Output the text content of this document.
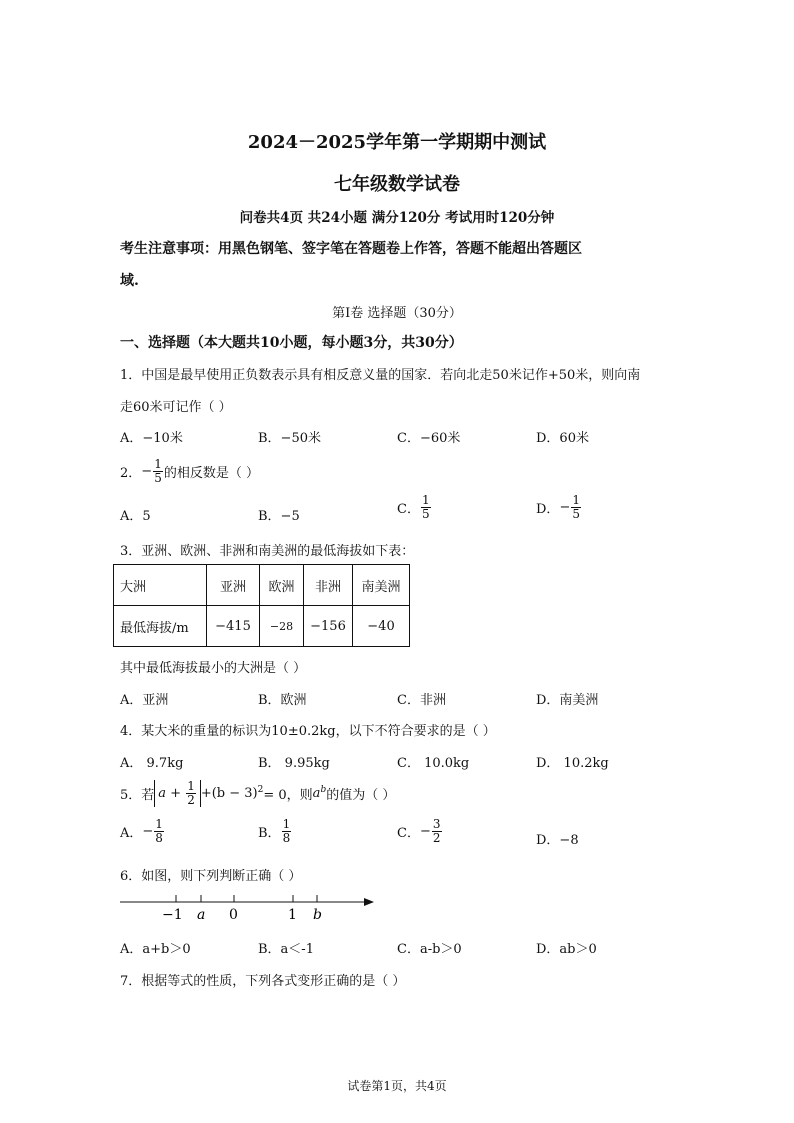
2024－2025学年第一学期期中测试
七年级数学试卷
问卷共4页 共24小题 满分120分 考试用时120分钟
考生注意事项：用黑色钢笔、签字笔在答题卷上作答，答题不能超出答题区
域.
第Ⅰ卷 选择题（30分）
一、选择题（本大题共10小题，每小题3分，共30分）
1．中国是最早使用正负数表示具有相反意义量的国家．若向北走50米记作+50米，则向南
走60米可记作（ ）
A．−10米	B．−50米	C．−60米	D．60米
2． − $\frac{1}{5}$ 的相反数是（ ）
A．5	B．−5	C． $\frac{1}{5}$	D． − $\frac{1}{5}$
3．亚洲、欧洲、非洲和南美洲的最低海拔如下表：
大洲	亚洲	欧洲	非洲	南美洲
最低海拔/m	−415	−28	−156	−40
其中最低海拔最小的大洲是（ ）
A．亚洲	B．欧洲	C．非洲	D．南美洲
4．某大米的重量的标识为10±0.2kg，以下不符合要求的是（ ）
A． 9.7kg	B． 9.95kg	C． 10.0kg	D． 10.2kg
5．若 $a + \frac{1}{2} +(b - 3)^2 = 0$，则 $a^b$ 的值为（ ）
A． − $\frac{1}{8}$	B． $\frac{1}{8}$	C． − $\frac{3}{2}$	D．−8
6．如图，则下列判断正确（ ）
−1 a 0	1 b
A．a+b＞0	B．a＜-1	C．a-b＞0	D．ab＞0
7．根据等式的性质，下列各式变形正确的是（ ）
试卷第1页，共4页
